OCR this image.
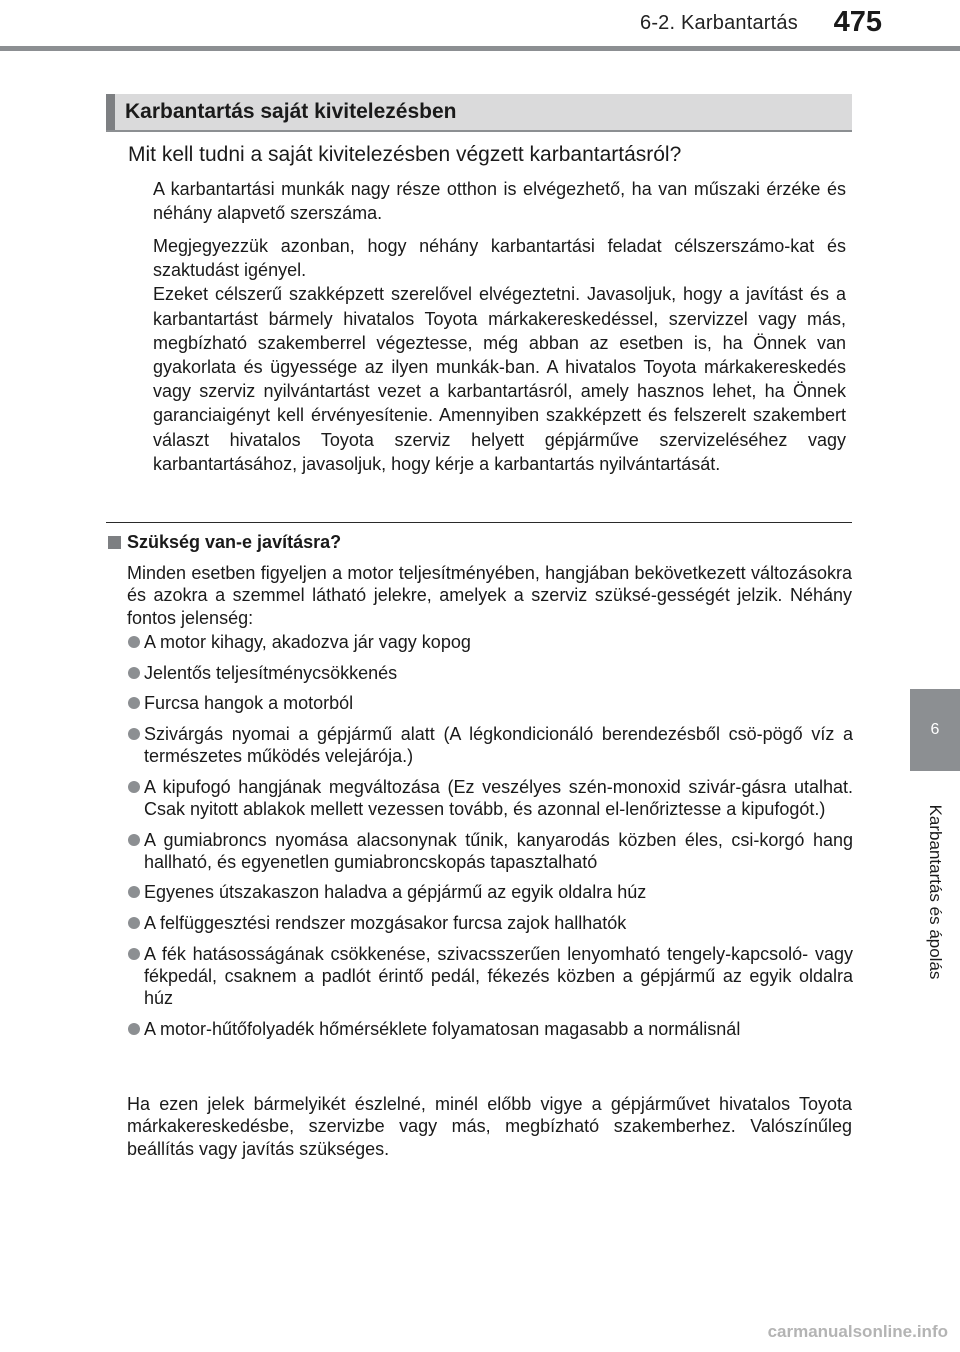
6-2. Karbantartás 475
6
Karbantartás és ápolás
Karbantartás saját kivitelezésben
Mit kell tudni a saját kivitelezésben végzett karbantartásról?

A karbantartási munkák nagy része otthon is elvégezhető, ha van műszaki érzéke és néhány alapvető szerszáma.

Megjegyezzük azonban, hogy néhány karbantartási feladat célszerszámo-kat és szaktudást igényel.

Ezeket célszerű szakképzett szerelővel elvégeztetni. Javasoljuk, hogy a javítást és a karbantartást bármely hivatalos Toyota márkakereskedéssel, szervizzel vagy más, megbízható szakemberrel végeztesse, még abban az esetben is, ha Önnek van gyakorlata és ügyessége az ilyen munkák-ban. A hivatalos Toyota márkakereskedés vagy szerviz nyilvántartást vezet a karbantartásról, amely hasznos lehet, ha Önnek garanciaigényt kell érvényesítenie. Amennyiben szakképzett és felszerelt szakembert választ hivatalos Toyota szerviz helyett gépjárműve szervizeléséhez vagy karbantartásához, javasoljuk, hogy kérje a karbantartás nyilvántartását.

Szükség van-e javításra?
Minden esetben figyeljen a motor teljesítményében, hangjában bekövetkezett változásokra és azokra a szemmel látható jelekre, amelyek a szerviz szüksé-gességét jelzik. Néhány fontos jelenség:
A motor kihagy, akadozva jár vagy kopog
Jelentős teljesítménycsökkenés
Furcsa hangok a motorból
Szivárgás nyomai a gépjármű alatt (A légkondicionáló berendezésből csö-pögő víz a természetes működés velejárója.)
A kipufogó hangjának megváltozása (Ez veszélyes szén-monoxid szivár-gásra utalhat. Csak nyitott ablakok mellett vezessen tovább, és azonnal el-lenőriztesse a kipufogót.)
A gumiabroncs nyomása alacsonynak tűnik, kanyarodás közben éles, csi-korgó hang hallható, és egyenetlen gumiabroncskopás tapasztalható
Egyenes útszakaszon haladva a gépjármű az egyik oldalra húz
A felfüggesztési rendszer mozgásakor furcsa zajok hallhatók
A fék hatásosságának csökkenése, szivacsszerűen lenyomható tengely-kapcsoló- vagy fékpedál, csaknem a padlót érintő pedál, fékezés közben a gépjármű az egyik oldalra húz
A motor-hűtőfolyadék hőmérséklete folyamatosan magasabb a normálisnál
Ha ezen jelek bármelyikét észlelné, minél előbb vigye a gépjárművet hivatalos Toyota márkakereskedésbe, szervizbe vagy más, megbízható szakemberhez. Valószínűleg beállítás vagy javítás szükséges.
carmanualsonline.info
